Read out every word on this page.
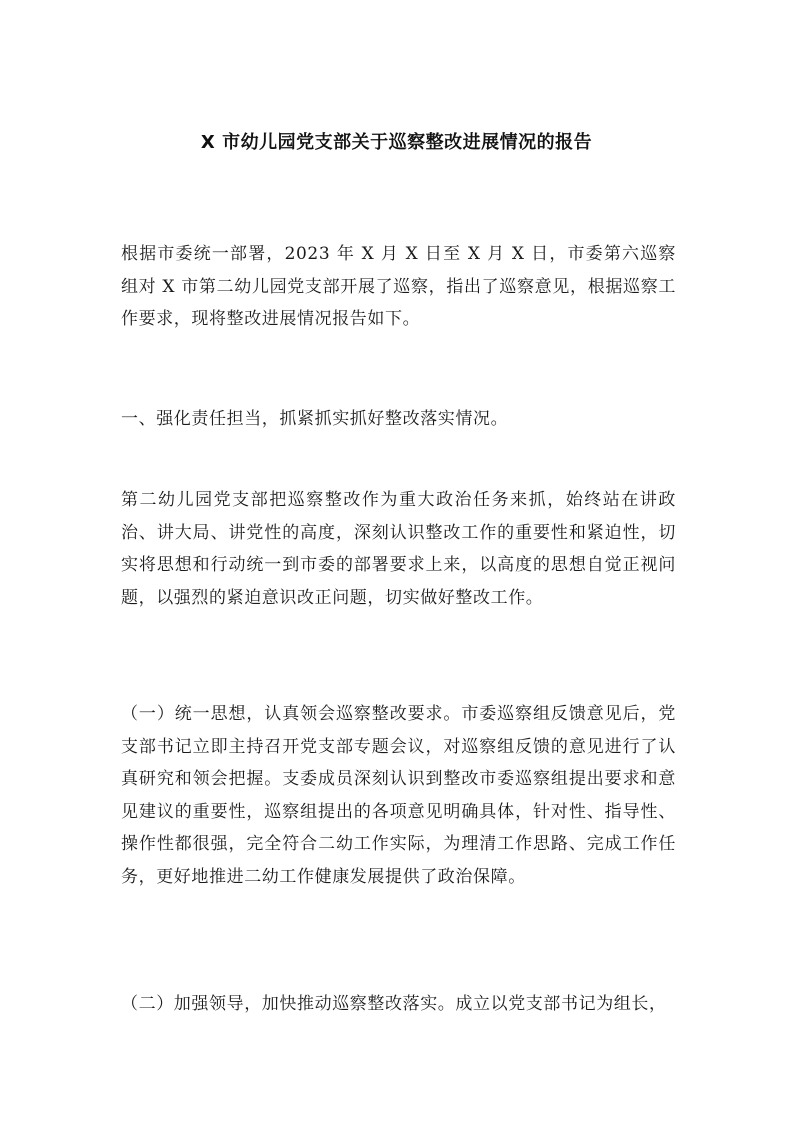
X 市幼儿园党支部关于巡察整改进展情况的报告

根据市委统一部署，2023 年 X 月 X 日至 X 月 X 日，市委第六巡察组对 X 市第二幼儿园党支部开展了巡察，指出了巡察意见，根据巡察工作要求，现将整改进展情况报告如下。

一、强化责任担当，抓紧抓实抓好整改落实情况。

第二幼儿园党支部把巡察整改作为重大政治任务来抓，始终站在讲政治、讲大局、讲党性的高度，深刻认识整改工作的重要性和紧迫性，切实将思想和行动统一到市委的部署要求上来，以高度的思想自觉正视问题，以强烈的紧迫意识改正问题，切实做好整改工作。

（一）统一思想，认真领会巡察整改要求。市委巡察组反馈意见后，党支部书记立即主持召开党支部专题会议，对巡察组反馈的意见进行了认真研究和领会把握。支委成员深刻认识到整改市委巡察组提出要求和意见建议的重要性，巡察组提出的各项意见明确具体，针对性、指导性、操作性都很强，完全符合二幼工作实际，为理清工作思路、完成工作任务，更好地推进二幼工作健康发展提供了政治保障。

（二）加强领导，加快推动巡察整改落实。成立以党支部书记为组长，
